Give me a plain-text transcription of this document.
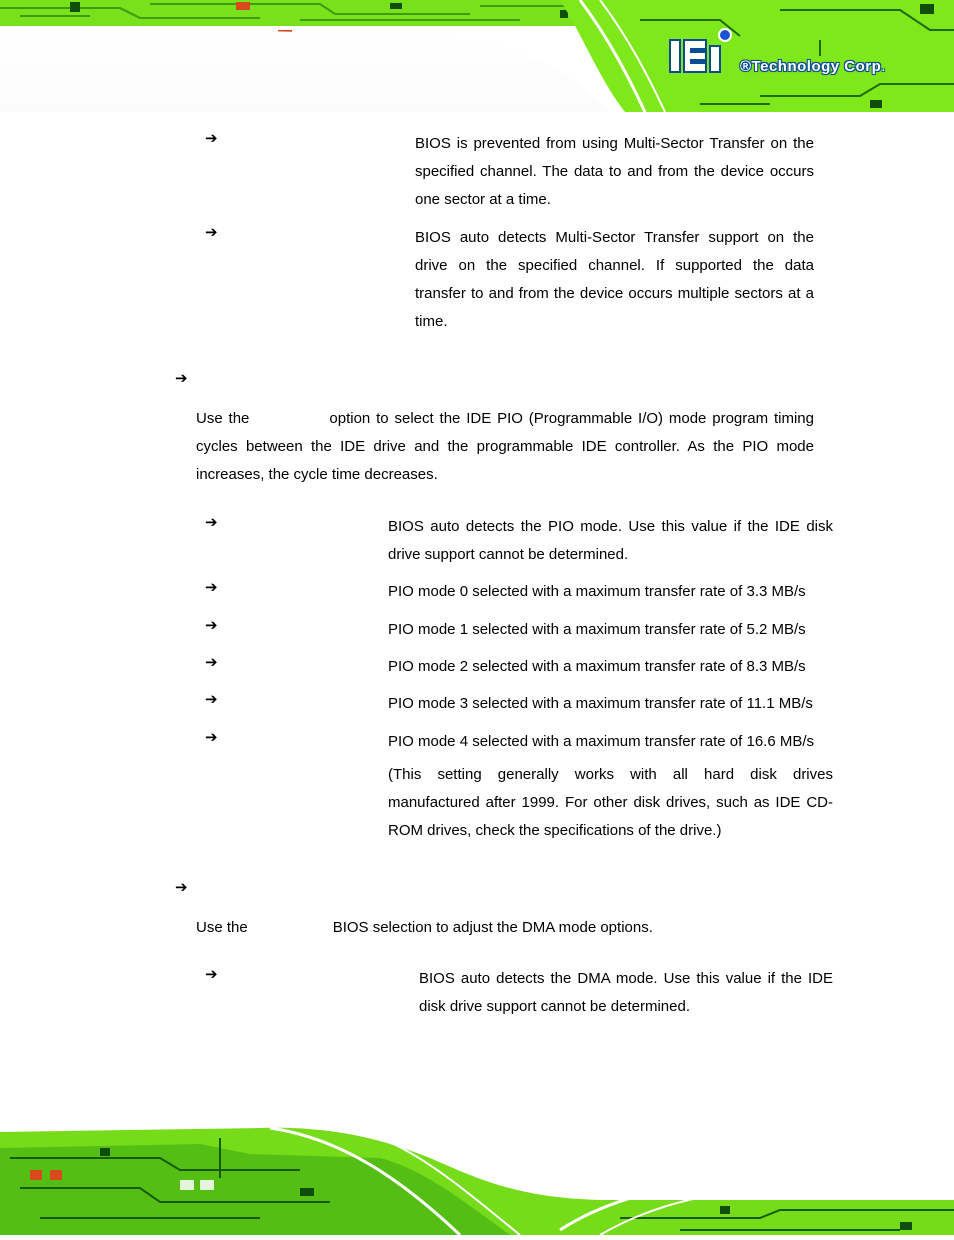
®Technology Corp.
➔	BIOS is prevented from using Multi-Sector Transfer on the specified channel. The data to and from the device occurs one sector at a time.
➔	BIOS auto detects Multi-Sector Transfer support on the drive on the specified channel. If supported the data transfer to and from the device occurs multiple sectors at a time.
➔
Use the	option to select the IDE PIO (Programmable I/O) mode program timing cycles between the IDE drive and the programmable IDE controller. As the PIO mode increases, the cycle time decreases.
➔	BIOS auto detects the PIO mode. Use this value if the IDE disk drive support cannot be determined.
➔	PIO mode 0 selected with a maximum transfer rate of 3.3 MB/s
➔	PIO mode 1 selected with a maximum transfer rate of 5.2 MB/s
➔	PIO mode 2 selected with a maximum transfer rate of 8.3 MB/s
➔	PIO mode 3 selected with a maximum transfer rate of 11.1 MB/s
➔	PIO mode 4 selected with a maximum transfer rate of 16.6 MB/s
(This setting generally works with all hard disk drives manufactured after 1999. For other disk drives, such as IDE CD-ROM drives, check the specifications of the drive.)
➔
Use the	BIOS selection to adjust the DMA mode options.
➔	BIOS auto detects the DMA mode. Use this value if the IDE disk drive support cannot be determined.
